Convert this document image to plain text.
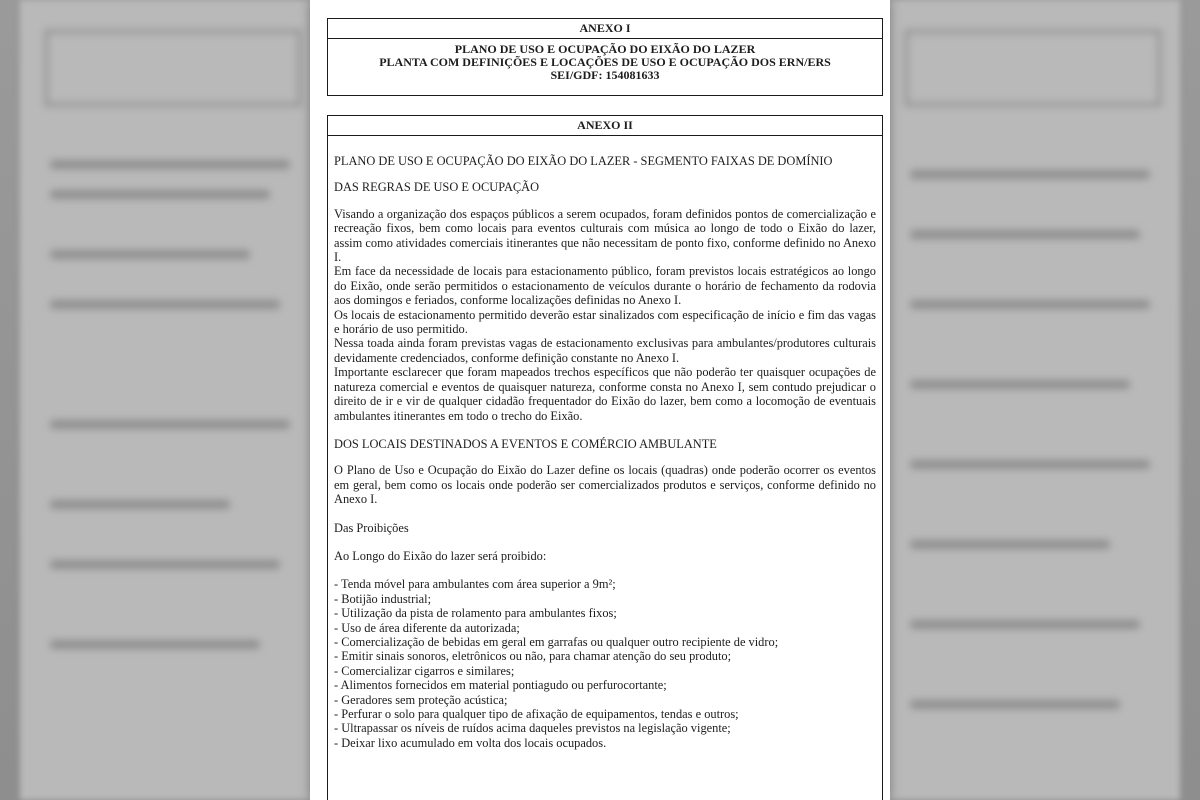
ANEXO I
PLANO DE USO E OCUPAÇÃO DO EIXÃO DO LAZER
PLANTA COM DEFINIÇÕES E LOCAÇÕES DE USO E OCUPAÇÃO DOS ERN/ERS
SEI/GDF: 154081633
ANEXO II

PLANO DE USO E OCUPAÇÃO DO EIXÃO DO LAZER - SEGMENTO FAIXAS DE DOMÍNIO

DAS REGRAS DE USO E OCUPAÇÃO

Visando a organização dos espaços públicos a serem ocupados, foram definidos pontos de comercialização e recreação fixos, bem como locais para eventos culturais com música ao longo de todo o Eixão do lazer, assim como atividades comerciais itinerantes que não necessitam de ponto fixo, conforme definido no Anexo I.

Em face da necessidade de locais para estacionamento público, foram previstos locais estratégicos ao longo do Eixão, onde serão permitidos o estacionamento de veículos durante o horário de fechamento da rodovia aos domingos e feriados, conforme localizações definidas no Anexo I.

Os locais de estacionamento permitido deverão estar sinalizados com especificação de início e fim das vagas e horário de uso permitido.

Nessa toada ainda foram previstas vagas de estacionamento exclusivas para ambulantes/produtores culturais devidamente credenciados, conforme definição constante no Anexo I.

Importante esclarecer que foram mapeados trechos específicos que não poderão ter quaisquer ocupações de natureza comercial e eventos de quaisquer natureza, conforme consta no Anexo I, sem contudo prejudicar o direito de ir e vir de qualquer cidadão frequentador do Eixão do lazer, bem como a locomoção de eventuais ambulantes itinerantes em todo o trecho do Eixão.

DOS LOCAIS DESTINADOS A EVENTOS E COMÉRCIO AMBULANTE

O Plano de Uso e Ocupação do Eixão do Lazer define os locais (quadras) onde poderão ocorrer os eventos em geral, bem como os locais onde poderão ser comercializados produtos e serviços, conforme definido no Anexo I.

Das Proibições

Ao Longo do Eixão do lazer será proibido:

- Tenda móvel para ambulantes com área superior a 9m²;
- Botijão industrial;
- Utilização da pista de rolamento para ambulantes fixos;
- Uso de área diferente da autorizada;
- Comercialização de bebidas em geral em garrafas ou qualquer outro recipiente de vidro;
- Emitir sinais sonoros, eletrônicos ou não, para chamar atenção do seu produto;
- Comercializar cigarros e similares;
- Alimentos fornecidos em material pontiagudo ou perfurocortante;
- Geradores sem proteção acústica;
- Perfurar o solo para qualquer tipo de afixação de equipamentos, tendas e outros;
- Ultrapassar os níveis de ruídos acima daqueles previstos na legislação vigente;
- Deixar lixo acumulado em volta dos locais ocupados.
